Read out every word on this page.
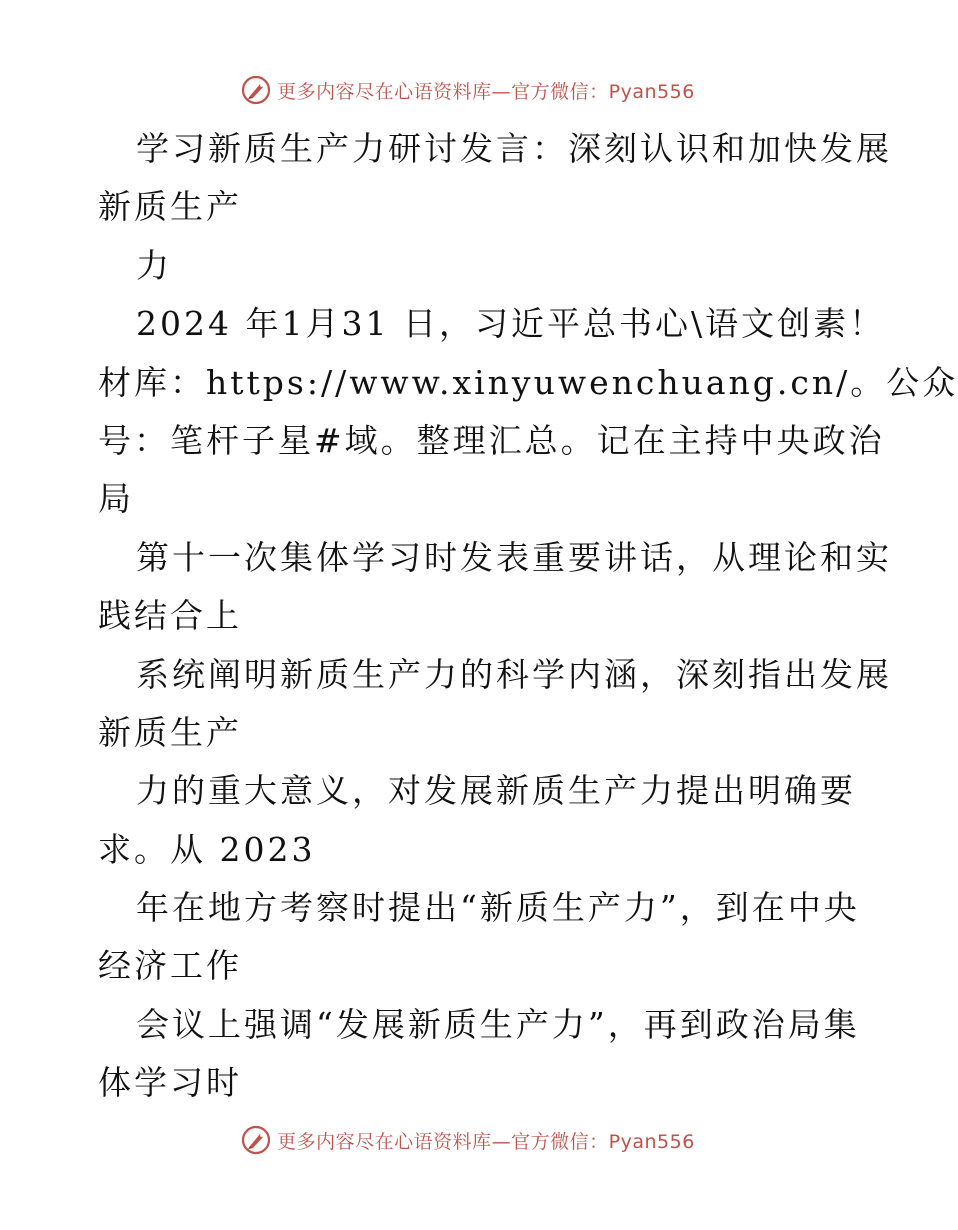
更多内容尽在心语资料库—官方微信：Pyan556
学习新质生产力研讨发言：深刻认识和加快发展
新质生产
力
2024 年1月31 日，习近平总书心\语文创素！
材库：https://www.xinyuwenchuang.cn/。公众
号：笔杆子星#域。整理汇总。记在主持中央政治
局
第十一次集体学习时发表重要讲话，从理论和实
践结合上
系统阐明新质生产力的科学内涵，深刻指出发展
新质生产
力的重大意义，对发展新质生产力提出明确要
求。从 2023
年在地方考察时提出“新质生产力”，到在中央
经济工作
会议上强调“发展新质生产力”，再到政治局集
体学习时
更多内容尽在心语资料库—官方微信：Pyan556
